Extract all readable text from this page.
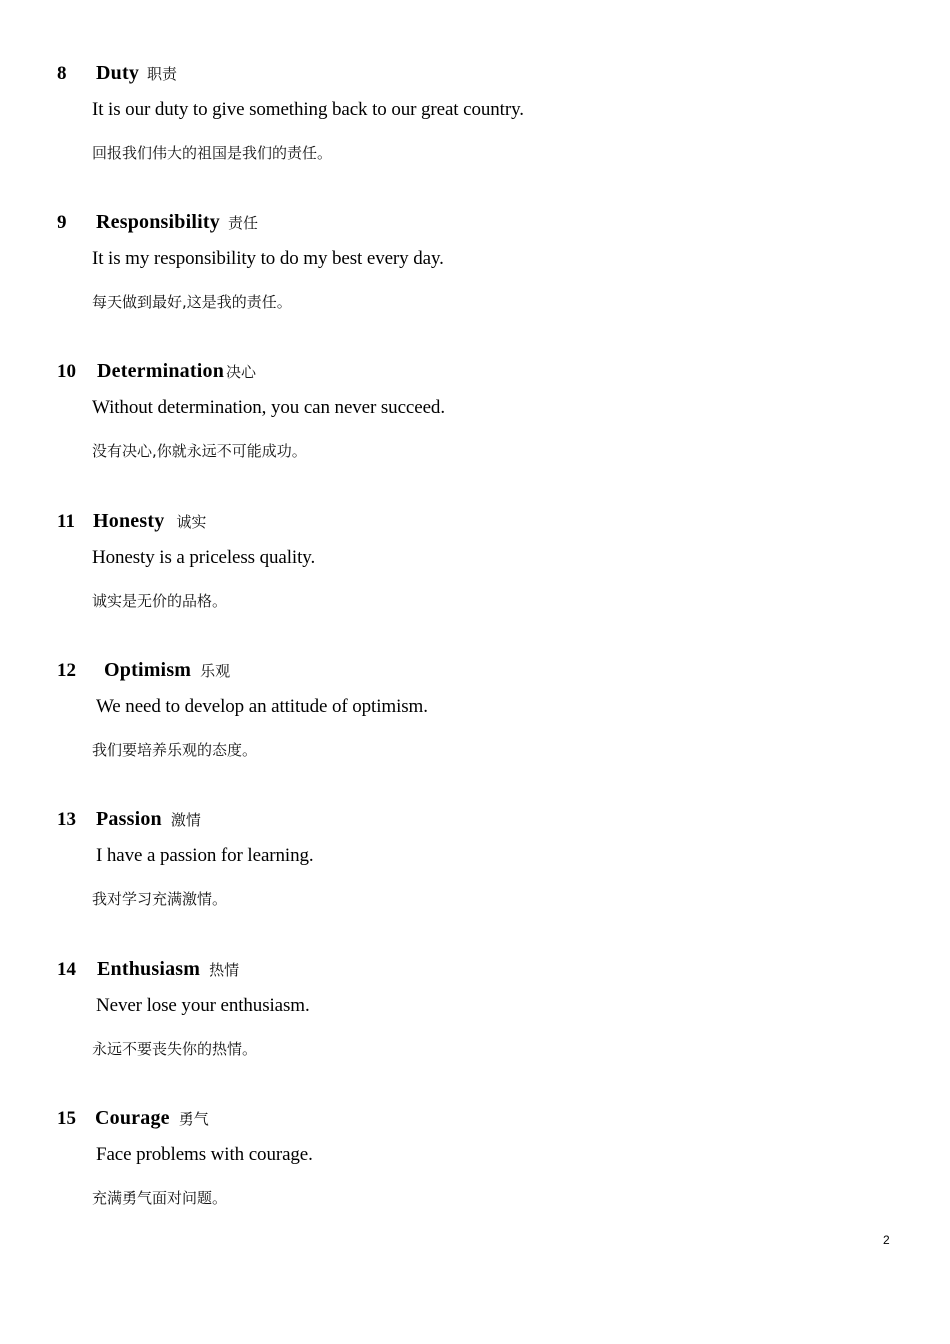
8	Duty 职责
It is our duty to give something back to our great country.
回报我们伟大的祖国是我们的责任。
9	Responsibility 责任
It is my responsibility to do my best every day.
每天做到最好,这是我的责任。
10	Determination 决心
Without determination, you can never succeed.
没有决心,你就永远不可能成功。
11 Honesty 诚实
Honesty is a priceless quality.
诚实是无价的品格。
12	Optimism 乐观
We need to develop an attitude of optimism.
我们要培养乐观的态度。
13	Passion 激情
I have a passion for learning.
我对学习充满激情。
14	Enthusiasm 热情
Never lose your enthusiasm.
永远不要丧失你的热情。
15 Courage 勇气
Face problems with courage.
充满勇气面对问题。
2
